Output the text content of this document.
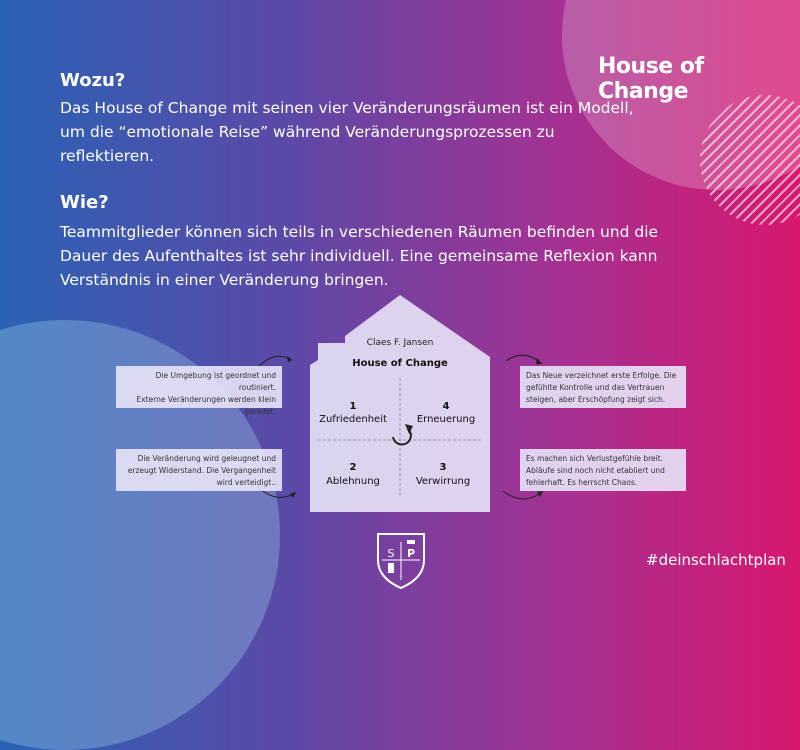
House of Change
Wozu?
Das House of Change mit seinen vier Veränderungsräumen ist ein Modell,
um die “emotionale Reise” während Veränderungsprozessen zu
reflektieren.
Wie?
Teammitglieder können sich teils in verschiedenen Räumen befinden und die
Dauer des Aufenthaltes ist sehr individuell. Eine gemeinsame Reflexion kann
Verständnis in einer Veränderung bringen.
Claes F. Jansen
House of Change
1
Zufriedenheit
4
Erneuerung
2
Ablehnung
3
Verwirrung
Die Umgebung ist geordnet und routiniert.
Externe Veränderungen werden klein
geredet.
Das Neue verzeichnet erste Erfolge. Die
gefühlte Kontrolle und das Vertrauen
steigen, aber Erschöpfung zeigt sich.
Die Veränderung wird geleugnet und
erzeugt Widerstand. Die Vergangenheit
wird verteidigt..
Es machen sich Verlustgefühle breit.
Abläufe sind noch nicht etabliert und
fehlerhaft. Es herrscht Chaos.
S P	#deinschlachtplan
